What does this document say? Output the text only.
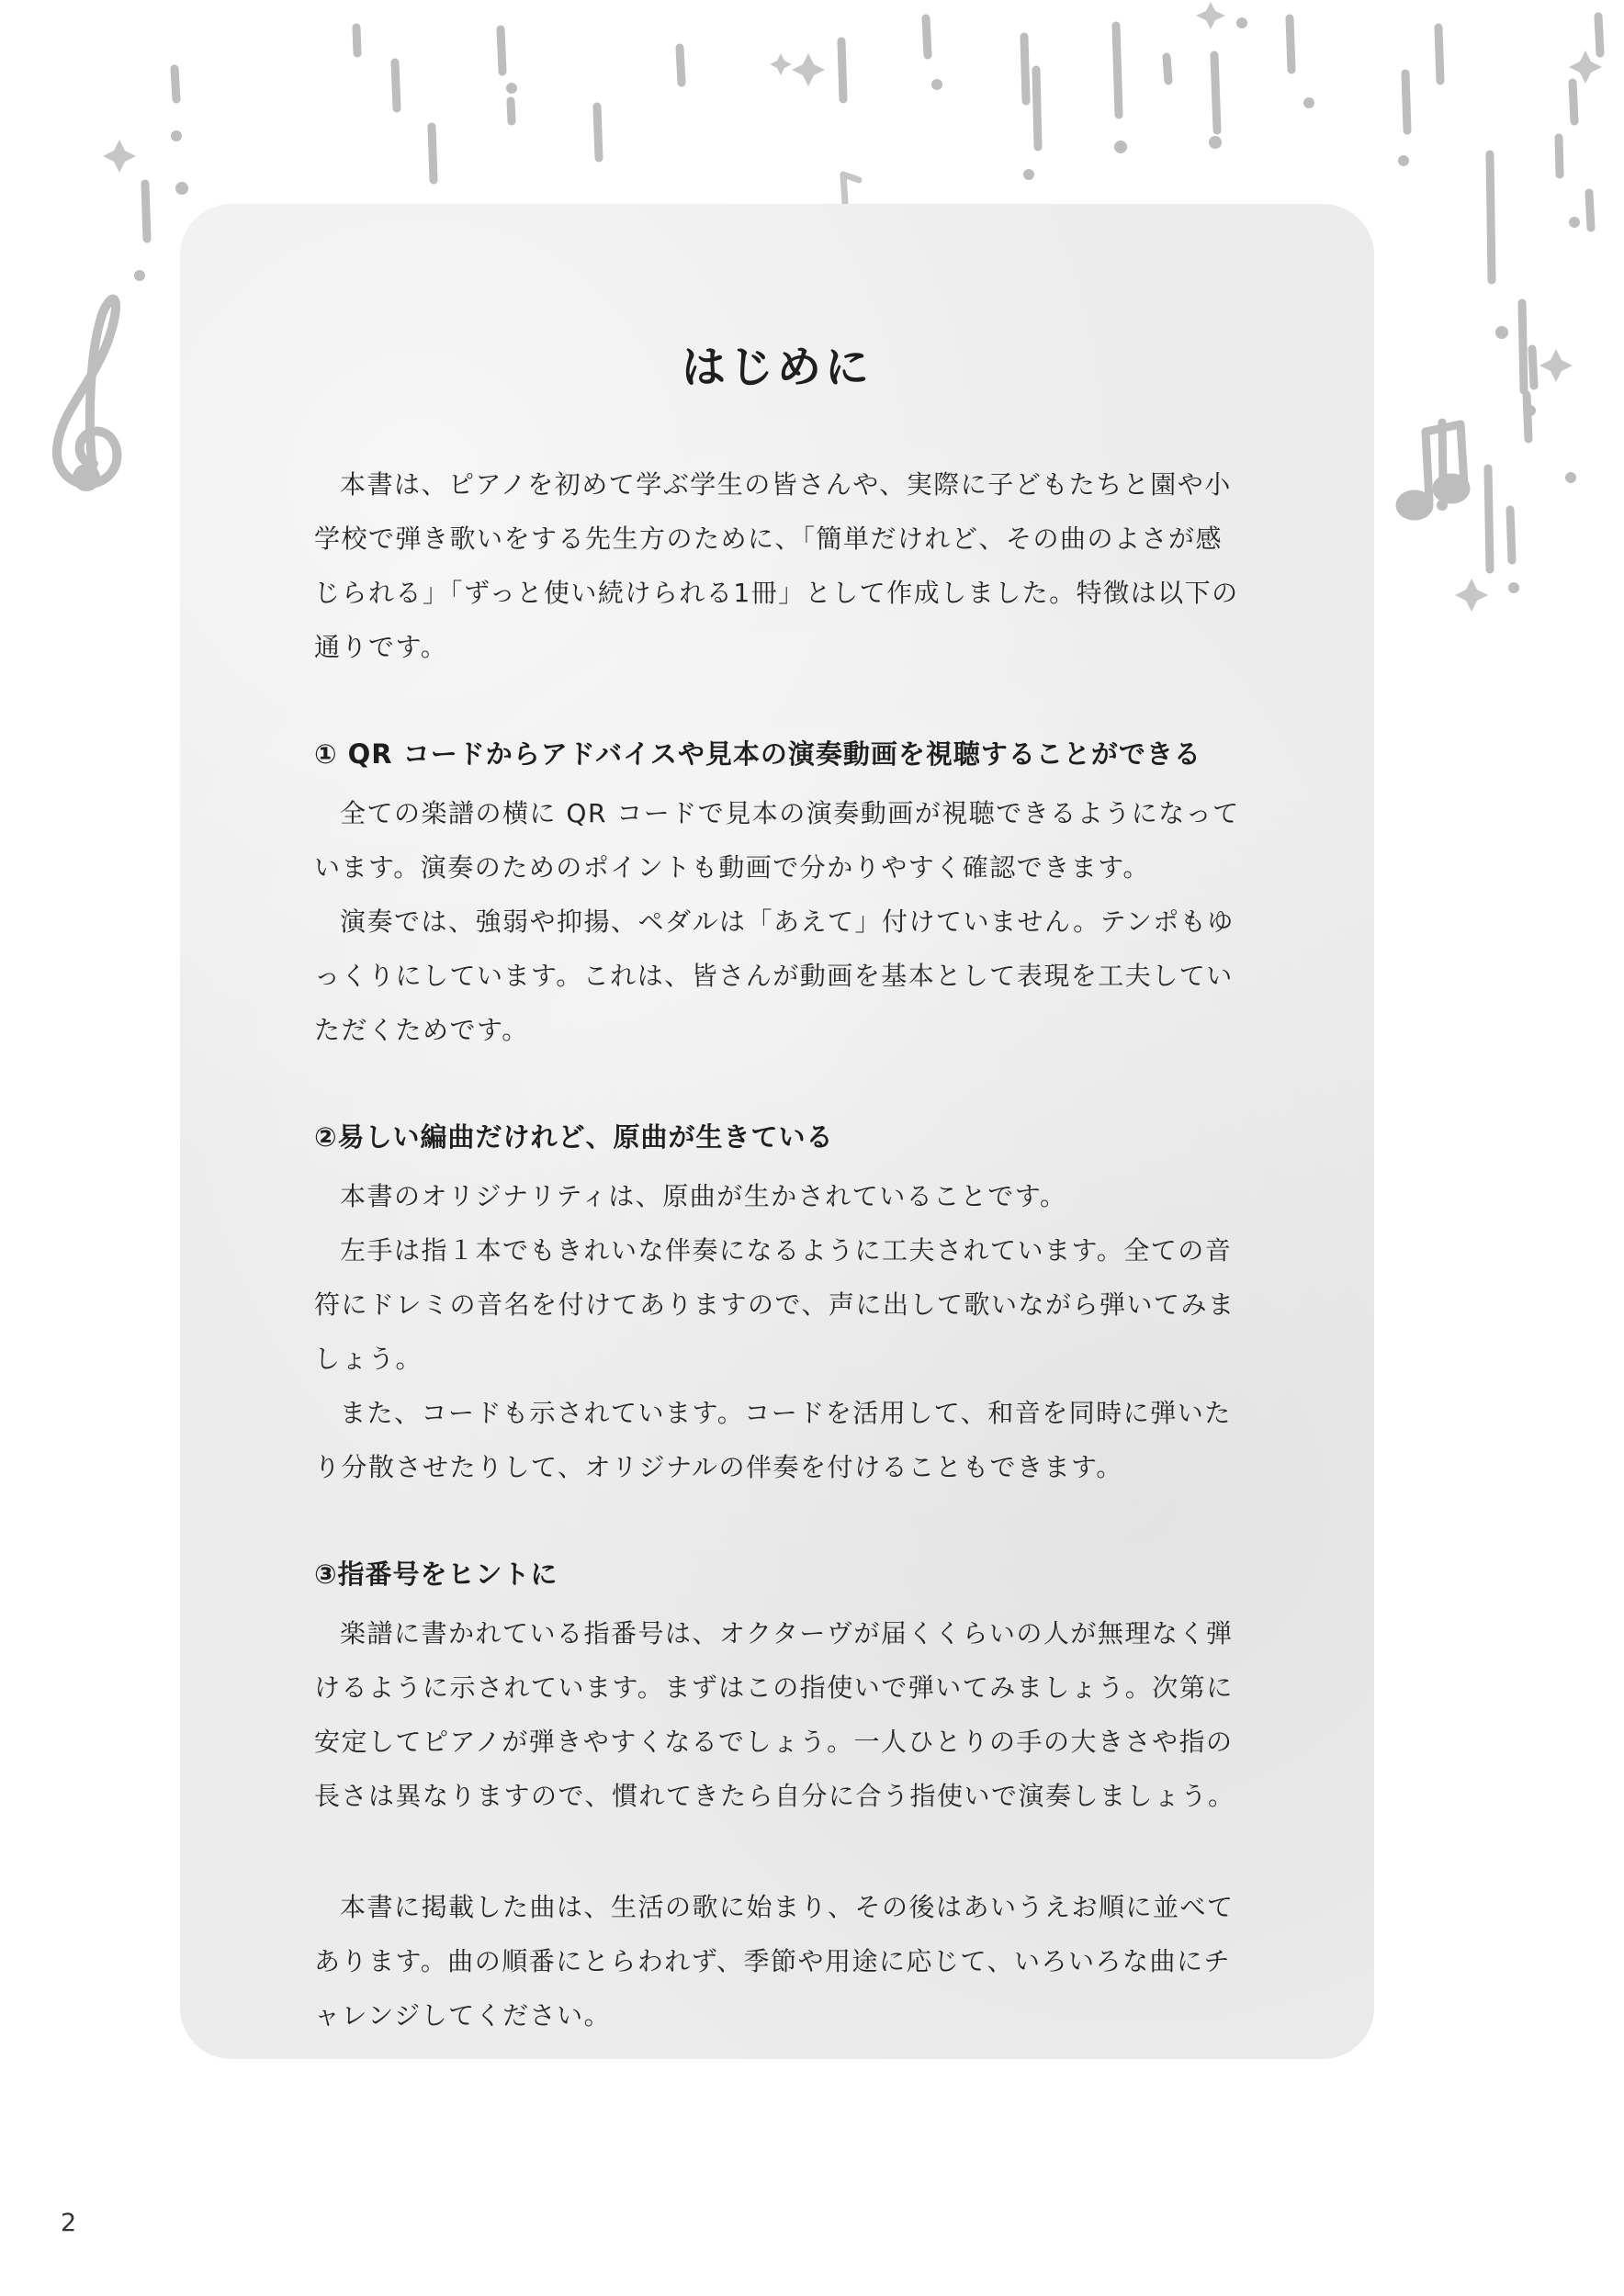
はじめに

本書は、ピアノを初めて学ぶ学生の皆さんや、実際に子どもたちと園や小学校で弾き歌いをする先生方のために、「簡単だけれど、その曲のよさが感じられる」「ずっと使い続けられる1冊」として作成しました。特徴は以下の通りです。

① QR コードからアドバイスや見本の演奏動画を視聴することができる

全ての楽譜の横に QR コードで見本の演奏動画が視聴できるようになっています。演奏のためのポイントも動画で分かりやすく確認できます。

演奏では、強弱や抑揚、ペダルは「あえて」付けていません。テンポもゆっくりにしています。これは、皆さんが動画を基本として表現を工夫していただくためです。

②易しい編曲だけれど、原曲が生きている

本書のオリジナリティは、原曲が生かされていることです。

左手は指１本でもきれいな伴奏になるように工夫されています。全ての音符にドレミの音名を付けてありますので、声に出して歌いながら弾いてみましょう。

また、コードも示されています。コードを活用して、和音を同時に弾いたり分散させたりして、オリジナルの伴奏を付けることもできます。

③指番号をヒントに

楽譜に書かれている指番号は、オクターヴが届くくらいの人が無理なく弾けるように示されています。まずはこの指使いで弾いてみましょう。次第に安定してピアノが弾きやすくなるでしょう。一人ひとりの手の大きさや指の長さは異なりますので、慣れてきたら自分に合う指使いで演奏しましょう。

本書に掲載した曲は、生活の歌に始まり、その後はあいうえお順に並べてあります。曲の順番にとらわれず、季節や用途に応じて、いろいろな曲にチャレンジしてください。

2
